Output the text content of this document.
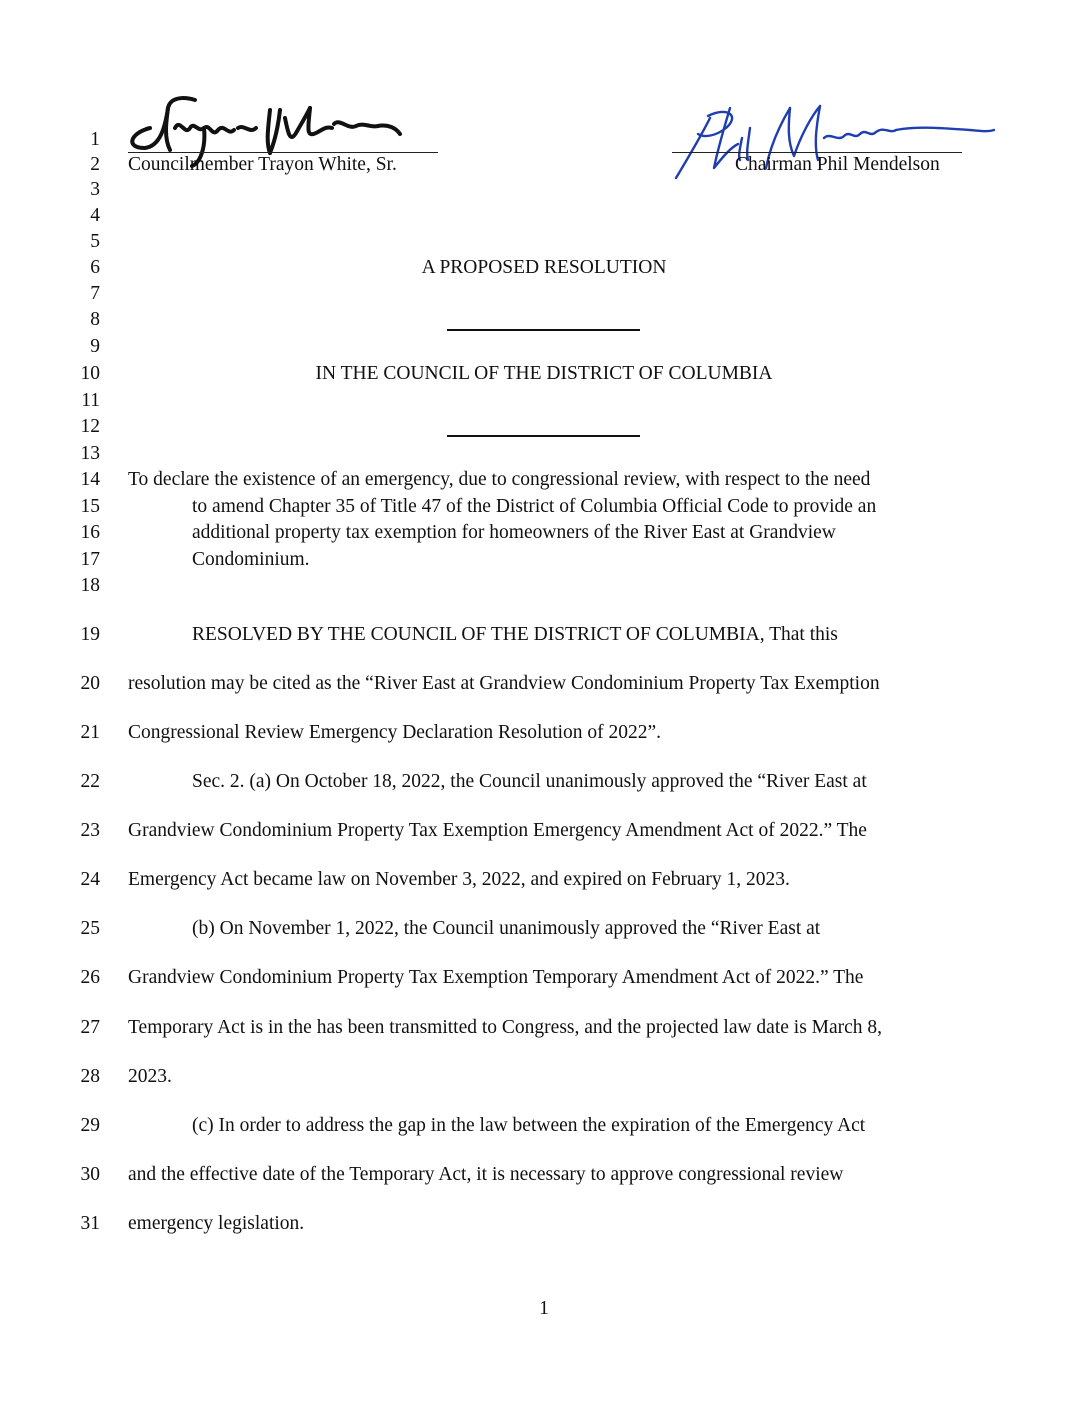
Councilmember Trayon White, Sr.	Chairman Phil Mendelson
1
2
3
4
5
6
7
8
9
10
11
12
13
14
15
16
17
18
19
20
21
22
23
24
25
26
27
28
29
30
31
A PROPOSED RESOLUTION
IN THE COUNCIL OF THE DISTRICT OF COLUMBIA
To declare the existence of an emergency, due to congressional review, with respect to the need
to amend Chapter 35 of Title 47 of the District of Columbia Official Code to provide an
additional property tax exemption for homeowners of the River East at Grandview
Condominium.
RESOLVED BY THE COUNCIL OF THE DISTRICT OF COLUMBIA, That this
resolution may be cited as the “River East at Grandview Condominium Property Tax Exemption
Congressional Review Emergency Declaration Resolution of 2022”.
Sec. 2. (a) On October 18, 2022, the Council unanimously approved the “River East at
Grandview Condominium Property Tax Exemption Emergency Amendment Act of 2022.” The
Emergency Act became law on November 3, 2022, and expired on February 1, 2023.
(b) On November 1, 2022, the Council unanimously approved the “River East at
Grandview Condominium Property Tax Exemption Temporary Amendment Act of 2022.” The
Temporary Act is in the has been transmitted to Congress, and the projected law date is March 8,
2023.
(c) In order to address the gap in the law between the expiration of the Emergency Act
and the effective date of the Temporary Act, it is necessary to approve congressional review
emergency legislation.
1
